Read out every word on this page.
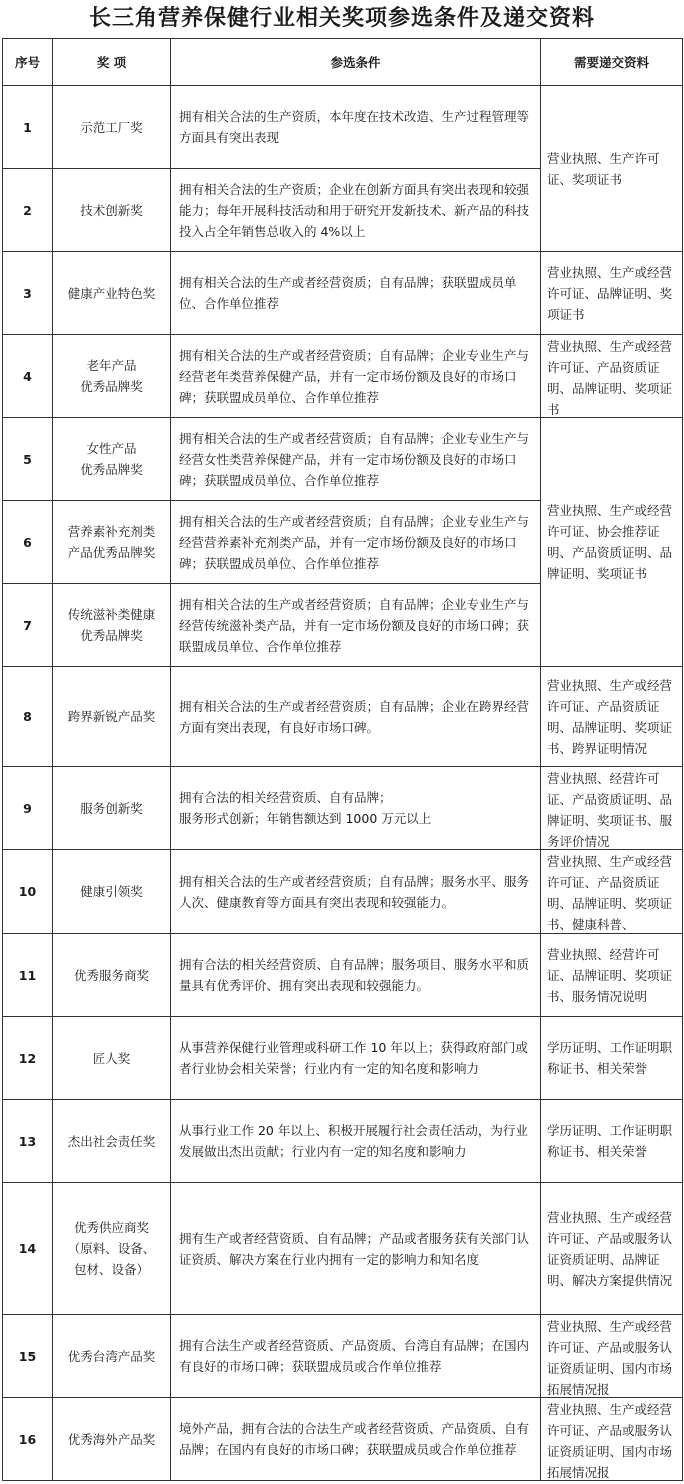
长三角营养保健行业相关奖项参选条件及递交资料
序号	奖 项	参选条件	需要递交资料
1	示范工厂奖	拥有相关合法的生产资质，本年度在技术改造、生产过程管理等方面具有突出表现	营业执照、生产许可证、奖项证书

2	技术创新奖	拥有相关合法的生产资质；企业在创新方面具有突出表现和较强能力；每年开展科技活动和用于研究开发新技术、新产品的科技投入占全年销售总收入的 4%以上	
3	健康产业特色奖	拥有相关合法的生产或者经营资质；自有品牌；获联盟成员单位、合作单位推荐	营业执照、生产或经营许可证、品牌证明、奖项证书

4	老年产品
优秀品牌奖	拥有相关合法的生产或者经营资质；自有品牌；企业专业生产与经营老年类营养保健产品，并有一定市场份额及良好的市场口碑；获联盟成员单位、合作单位推荐	营业执照、生产或经营许可证、产品资质证明、品牌证明、奖项证书

5	女性产品
优秀品牌奖	拥有相关合法的生产或者经营资质；自有品牌；企业专业生产与经营女性类营养保健产品，并有一定市场份额及良好的市场口碑；获联盟成员单位、合作单位推荐	营业执照、生产或经营许可证、协会推荐证明、产品资质证明、品牌证明、奖项证书

6	营养素补充剂类
产品优秀品牌奖	拥有相关合法的生产或者经营资质；自有品牌；企业专业生产与经营营养素补充剂类产品，并有一定市场份额及良好的市场口碑；获联盟成员单位、合作单位推荐	
7	传统滋补类健康
优秀品牌奖	拥有相关合法的生产或者经营资质；自有品牌；企业专业生产与经营传统滋补类产品，并有一定市场份额及良好的市场口碑；获联盟成员单位、合作单位推荐	
8	跨界新锐产品奖	拥有相关合法的生产或者经营资质；自有品牌；企业在跨界经营方面有突出表现，有良好市场口碑。	营业执照、生产或经营许可证、产品资质证明、品牌证明、奖项证书、跨界证明情况

9	服务创新奖	拥有合法的相关经营资质、自有品牌；
服务形式创新；年销售额达到 1000 万元以上	营业执照、经营许可证、产品资质证明、品牌证明、奖项证书、服务评价情况

10	健康引领奖	拥有相关合法的生产或者经营资质；自有品牌；服务水平、服务人次、健康教育等方面具有突出表现和较强能力。	营业执照、生产或经营许可证、产品资质证明、品牌证明、奖项证书、健康科普、

11	优秀服务商奖	拥有合法的相关经营资质、自有品牌；服务项目、服务水平和质量具有优秀评价、拥有突出表现和较强能力。	营业执照、经营许可证、品牌证明、奖项证书、服务情况说明

12	匠人奖	从事营养保健行业管理或科研工作 10 年以上；获得政府部门或者行业协会相关荣誉；行业内有一定的知名度和影响力	学历证明、工作证明职称证书、相关荣誉

13	杰出社会责任奖	从事行业工作 20 年以上、积极开展履行社会责任活动，为行业发展做出杰出贡献；行业内有一定的知名度和影响力	学历证明、工作证明职称证书、相关荣誉

14	优秀供应商奖
（原料、设备、
包材、设备）	拥有生产或者经营资质、自有品牌；产品或者服务获有关部门认证资质、解决方案在行业内拥有一定的影响力和知名度	营业执照、生产或经营许可证、产品或服务认证资质证明、品牌证明、解决方案提供情况

15	优秀台湾产品奖	拥有合法生产或者经营资质、产品资质、台湾自有品牌；在国内有良好的市场口碑；获联盟成员或合作单位推荐	营业执照、生产或经营许可证、产品或服务认证资质证明、国内市场拓展情况报

16	优秀海外产品奖	境外产品，拥有合法的合法生产或者经营资质、产品资质、自有品牌；在国内有良好的市场口碑；获联盟成员或合作单位推荐	营业执照、生产或经营许可证、产品或服务认证资质证明、国内市场拓展情况报
